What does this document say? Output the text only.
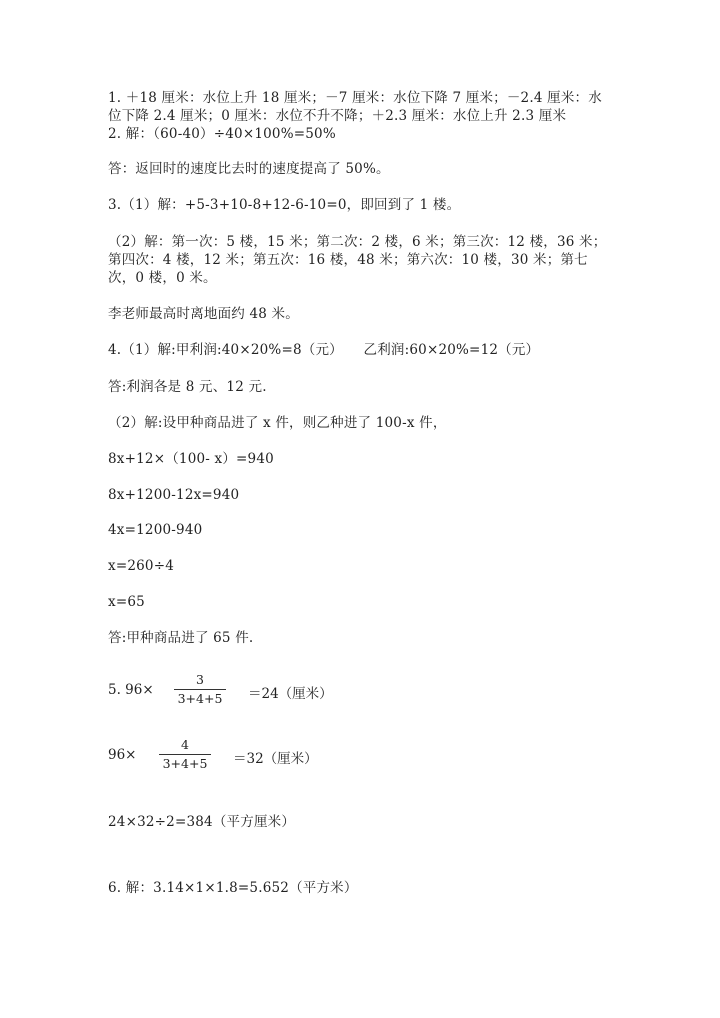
1. ＋18 厘米：水位上升 18 厘米；－7 厘米：水位下降 7 厘米；－2.4 厘米：水
位下降 2.4 厘米；0 厘米：水位不升不降；＋2.3 厘米：水位上升 2.3 厘米
2. 解：（60-40）÷40×100%=50%
答：返回时的速度比去时的速度提高了 50%。
3.（1）解：+5-3+10-8+12-6-10=0，即回到了 1 楼。
（2）解：第一次：5 楼，15 米；第二次：2 楼，6 米；第三次：12 楼，36 米；
第四次：4 楼，12 米；第五次：16 楼，48 米；第六次：10 楼，30 米；第七
次，0 楼，0 米。
李老师最高时离地面约 48 米。
4.（1）解:甲利润:40×20%=8（元）　　乙利润:60×20%=12（元）
答:利润各是 8 元、12 元.
（2）解:设甲种商品进了 x 件，则乙种进了 100-x 件，
8x+12×（100- x）=940
8x+1200-12x=940
4x=1200-940
x=260÷4
x=65
答:甲种商品进了 65 件.
5. 96×
3
3+4+5 ＝24（厘米）
96×
4
3+4+5 ＝32（厘米）
24×32÷2=384（平方厘米）
6. 解：3.14×1×1.8=5.652（平方米）
